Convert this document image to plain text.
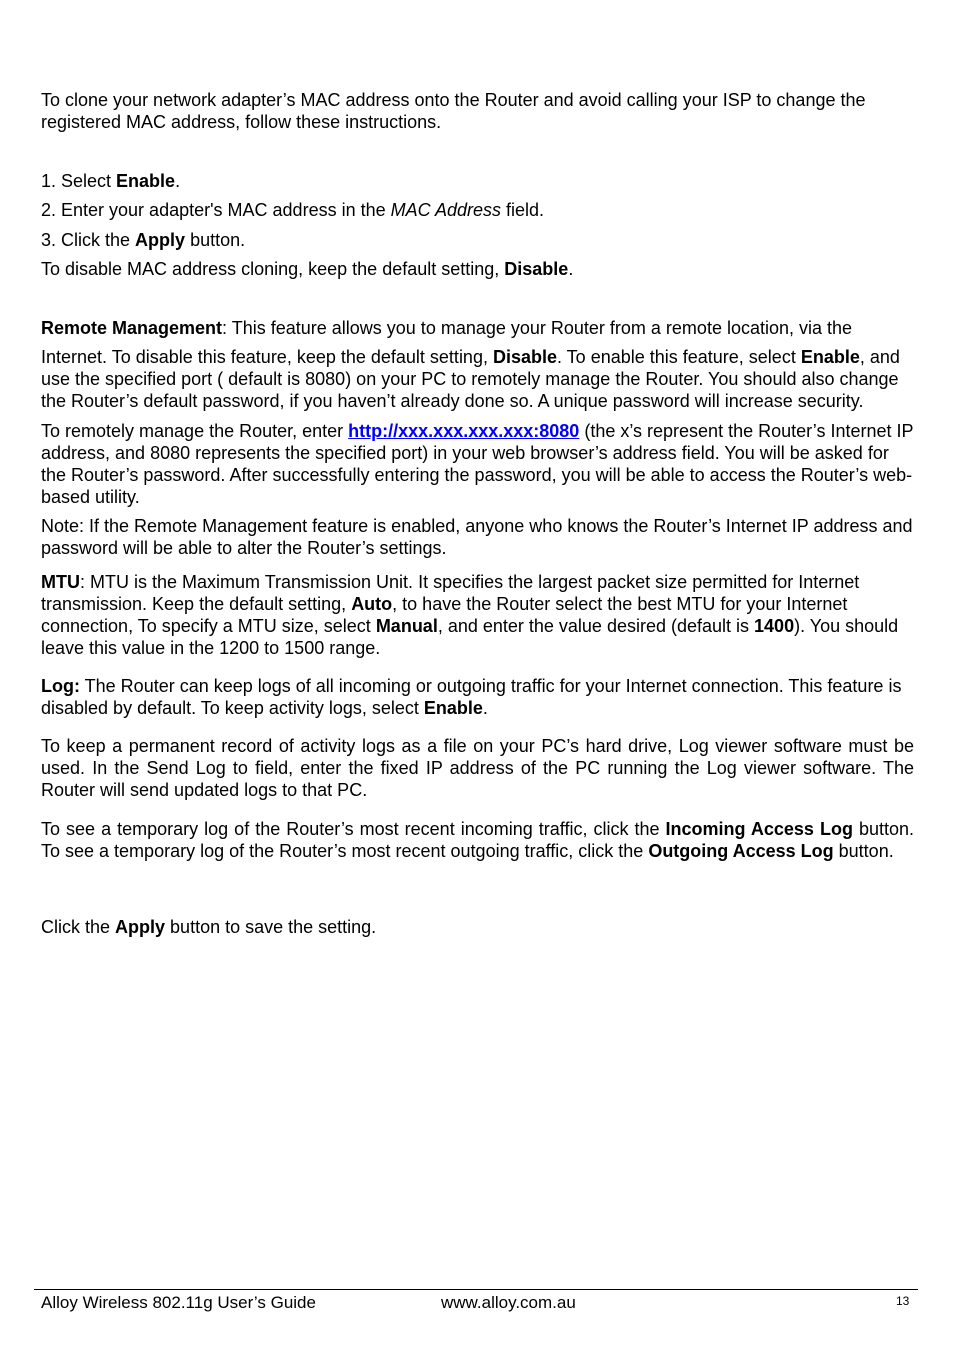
To clone your network adapter’s MAC address onto the Router and avoid calling your ISP to change the registered MAC address, follow these instructions.

1. Select Enable.

2. Enter your adapter's MAC address in the MAC Address field.

3. Click the Apply button.

To disable MAC address cloning, keep the default setting, Disable.

Remote Management: This feature allows you to manage your Router from a remote location, via the

Internet. To disable this feature, keep the default setting, Disable. To enable this feature, select Enable, and use the specified port ( default is 8080) on your PC to remotely manage the Router. You should also change the Router’s default password, if you haven’t already done so. A unique password will increase security.

To remotely manage the Router, enter http://xxx.xxx.xxx.xxx:8080 (the x’s represent the Router’s Internet IP address, and 8080 represents the specified port) in your web browser’s address field. You will be asked for the Router’s password. After successfully entering the password, you will be able to access the Router’s web-based utility.

Note: If the Remote Management feature is enabled, anyone who knows the Router’s Internet IP address and password will be able to alter the Router’s settings.

MTU: MTU is the Maximum Transmission Unit. It specifies the largest packet size permitted for Internet transmission. Keep the default setting, Auto, to have the Router select the best MTU for your Internet connection, To specify a MTU size, select Manual, and enter the value desired (default is 1400). You should leave this value in the 1200 to 1500 range.

Log: The Router can keep logs of all incoming or outgoing traffic for your Internet connection. This feature is disabled by default. To keep activity logs, select Enable.

To keep a permanent record of activity logs as a file on your PC’s hard drive, Log viewer software must be used. In the Send Log to field, enter the fixed IP address of the PC running the Log viewer software. The Router will send updated logs to that PC.

To see a temporary log of the Router’s most recent incoming traffic, click the Incoming Access Log button. To see a temporary log of the Router’s most recent outgoing traffic, click the Outgoing Access Log button.

Click the Apply button to save the setting.

Alloy Wireless 802.11g User’s Guide	www.alloy.com.au	13
